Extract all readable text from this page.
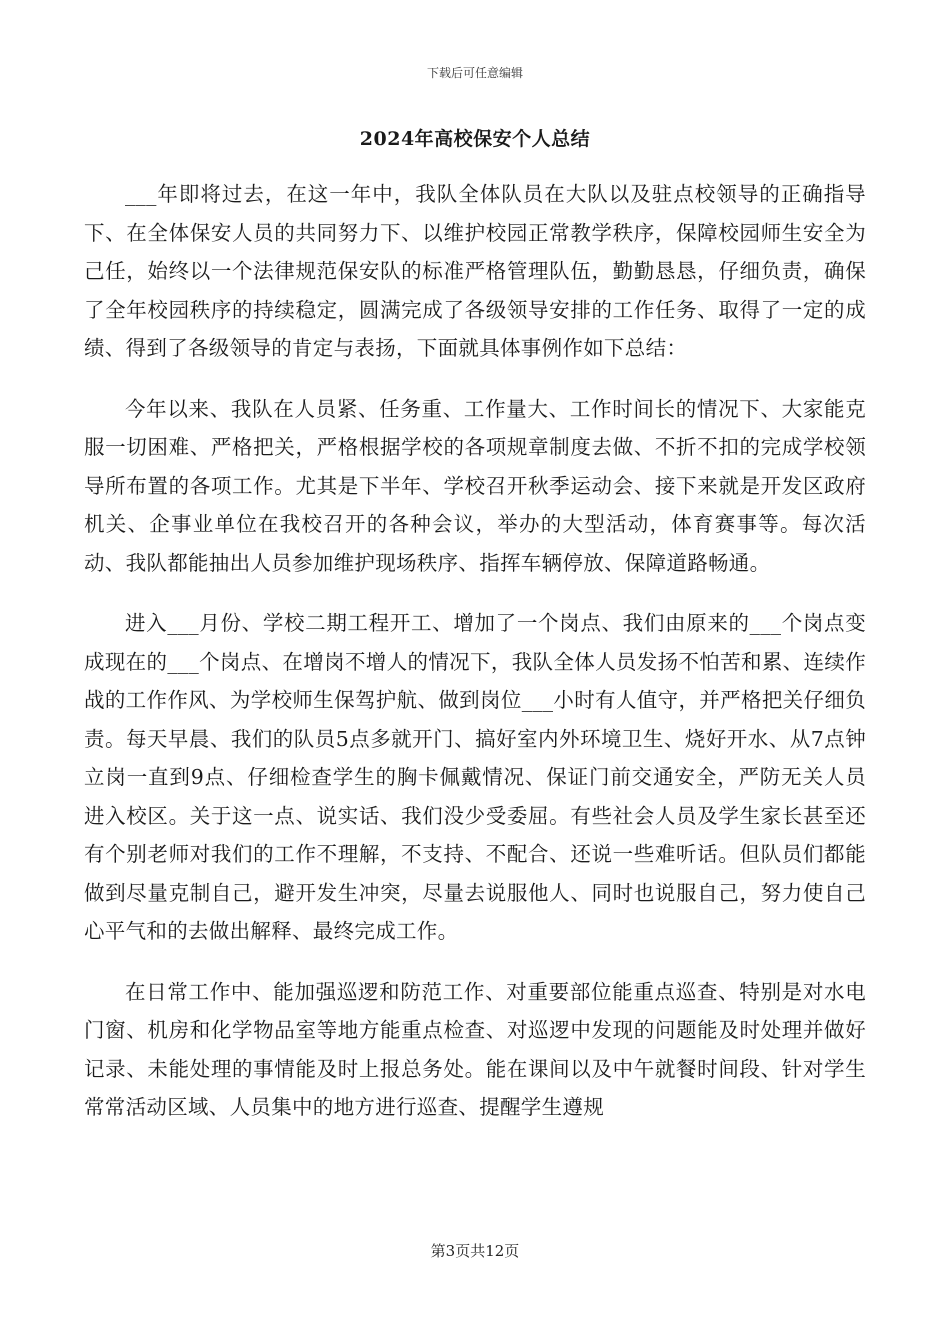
下载后可任意编辑
2024年高校保安个人总结

___年即将过去，在这一年中，我队全体队员在大队以及驻点校领导的正确指导下、在全体保安人员的共同努力下、以维护校园正常教学秩序，保障校园师生安全为己任，始终以一个法律规范保安队的标准严格管理队伍，勤勤恳恳，仔细负责，确保了全年校园秩序的持续稳定，圆满完成了各级领导安排的工作任务、取得了一定的成绩、得到了各级领导的肯定与表扬，下面就具体事例作如下总结：

今年以来、我队在人员紧、任务重、工作量大、工作时间长的情况下、大家能克服一切困难、严格把关，严格根据学校的各项规章制度去做、不折不扣的完成学校领导所布置的各项工作。尤其是下半年、学校召开秋季运动会、接下来就是开发区政府机关、企事业单位在我校召开的各种会议，举办的大型活动，体育赛事等。每次活动、我队都能抽出人员参加维护现场秩序、指挥车辆停放、保障道路畅通。

进入___月份、学校二期工程开工、增加了一个岗点、我们由原来的___个岗点变成现在的___个岗点、在增岗不增人的情况下，我队全体人员发扬不怕苦和累、连续作战的工作作风、为学校师生保驾护航、做到岗位___小时有人值守，并严格把关仔细负责。每天早晨、我们的队员5点多就开门、搞好室内外环境卫生、烧好开水、从7点钟立岗一直到9点、仔细检查学生的胸卡佩戴情况、保证门前交通安全，严防无关人员进入校区。关于这一点、说实话、我们没少受委屈。有些社会人员及学生家长甚至还有个别老师对我们的工作不理解，不支持、不配合、还说一些难听话。但队员们都能做到尽量克制自己，避开发生冲突，尽量去说服他人、同时也说服自己，努力使自己心平气和的去做出解释、最终完成工作。

在日常工作中、能加强巡逻和防范工作、对重要部位能重点巡查、特别是对水电门窗、机房和化学物品室等地方能重点检查、对巡逻中发现的问题能及时处理并做好记录、未能处理的事情能及时上报总务处。能在课间以及中午就餐时间段、针对学生常常活动区域、人员集中的地方进行巡查、提醒学生遵规

第3页共12页
